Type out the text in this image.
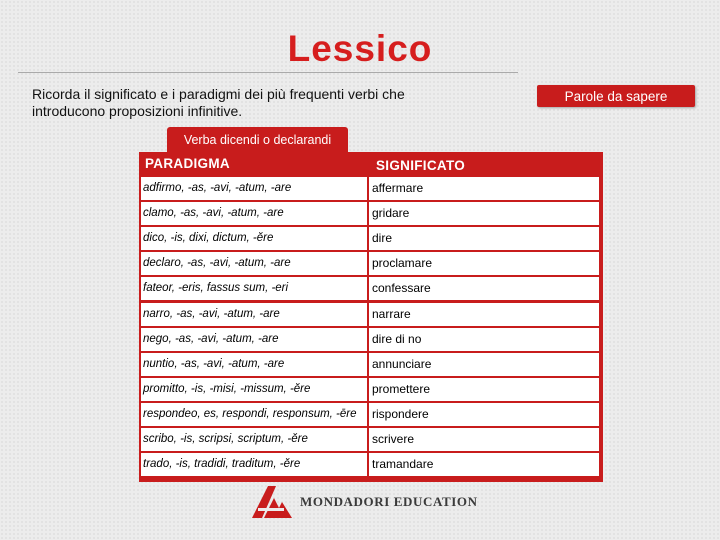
Lessico
Ricorda il significato e i paradigmi dei più frequenti verbi che introducono proposizioni infinitive.
Parole da sapere
Verba dicendi o declarandi
PARADIGMA	SIGNIFICATO
adfirmo, -as, -avi, -atum, -are	affermare
clamo, -as, -avi, -atum, -are	gridare
dico, -is, dixi, dictum, -ĕre	dire
declaro, -as, -avi, -atum, -are	proclamare
fateor, -eris, fassus sum, -eri	confessare
narro, -as, -avi, -atum, -are	narrare
nego, -as, -avi, -atum, -are	dire di no
nuntio, -as, -avi, -atum, -are	annunciare
promitto, -is, -misi, -missum, -ĕre	promettere
respondeo, es, respondi, responsum, -ēre	rispondere
scribo, -is, scripsi, scriptum, -ĕre	scrivere
trado, -is, tradidi, traditum, -ĕre	tramandare
MONDADORI EDUCATION
